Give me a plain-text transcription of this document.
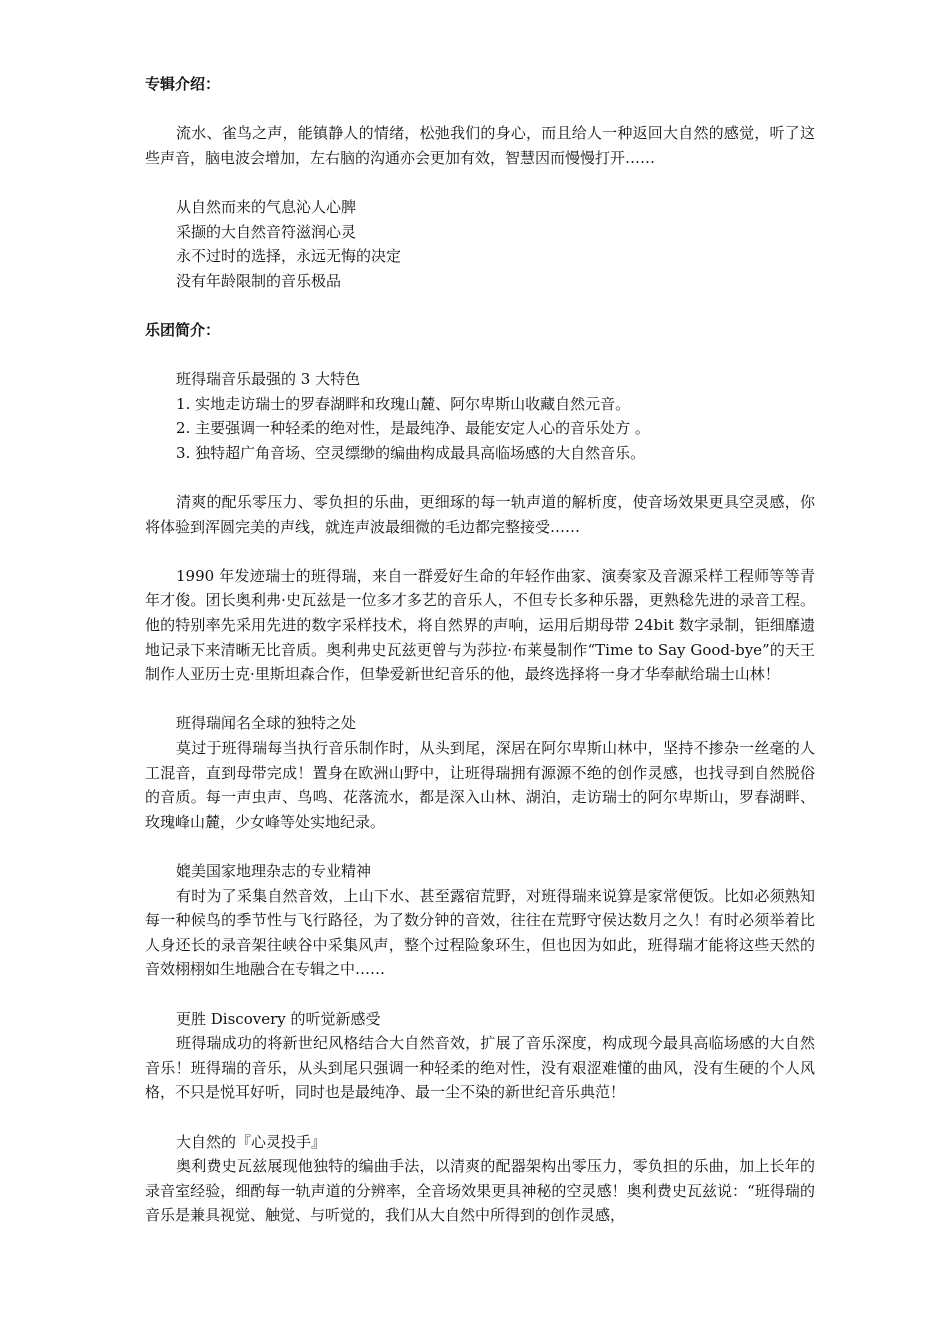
专辑介绍：
流水、雀鸟之声，能镇静人的情绪，松弛我们的身心，而且给人一种返回大自然的感觉，听了这些声音，脑电波会增加，左右脑的沟通亦会更加有效，智慧因而慢慢打开……
从自然而来的气息沁人心脾
采撷的大自然音符滋润心灵
永不过时的选择，永远无悔的决定
没有年龄限制的音乐极品
乐团简介：
班得瑞音乐最强的 3 大特色
1. 实地走访瑞士的罗春湖畔和玫瑰山麓、阿尔卑斯山收藏自然元音。
2. 主要强调一种轻柔的绝对性，是最纯净、最能安定人心的音乐处方 。
3. 独特超广角音场、空灵缥缈的编曲构成最具高临场感的大自然音乐。
清爽的配乐零压力、零负担的乐曲，更细琢的每一轨声道的解析度，使音场效果更具空灵感，你将体验到浑圆完美的声线，就连声波最细微的毛边都完整接受……
1990 年发迹瑞士的班得瑞，来自一群爱好生命的年轻作曲家、演奏家及音源采样工程师等等青年才俊。团长奥利弗·史瓦兹是一位多才多艺的音乐人，不但专长多种乐器，更熟稔先进的录音工程。他的特别率先采用先进的数字采样技术，将自然界的声响，运用后期母带 24bit 数字录制，钜细靡遗地记录下来清晰无比音质。奥利弗史瓦兹更曾与为莎拉·布莱曼制作“Time to Say Good-bye”的天王制作人亚历士克·里斯坦森合作，但挚爱新世纪音乐的他，最终选择将一身才华奉献给瑞士山林！
班得瑞闻名全球的独特之处
莫过于班得瑞每当执行音乐制作时，从头到尾，深居在阿尔卑斯山林中，坚持不掺杂一丝毫的人工混音，直到母带完成！置身在欧洲山野中，让班得瑞拥有源源不绝的创作灵感，也找寻到自然脱俗的音质。每一声虫声、鸟鸣、花落流水，都是深入山林、湖泊，走访瑞士的阿尔卑斯山，罗春湖畔、玫瑰峰山麓，少女峰等处实地纪录。
媲美国家地理杂志的专业精神
有时为了采集自然音效，上山下水、甚至露宿荒野，对班得瑞来说算是家常便饭。比如必须熟知每一种候鸟的季节性与飞行路径，为了数分钟的音效，往往在荒野守侯达数月之久！有时必须举着比人身还长的录音架往峡谷中采集风声，整个过程险象环生，但也因为如此，班得瑞才能将这些天然的音效栩栩如生地融合在专辑之中……
更胜 Discovery 的听觉新感受
班得瑞成功的将新世纪风格结合大自然音效，扩展了音乐深度，构成现今最具高临场感的大自然音乐！班得瑞的音乐，从头到尾只强调一种轻柔的绝对性，没有艰涩难懂的曲风，没有生硬的个人风格，不只是悦耳好听，同时也是最纯净、最一尘不染的新世纪音乐典范！
大自然的『心灵投手』
奥利费史瓦兹展现他独特的编曲手法，以清爽的配器架构出零压力，零负担的乐曲，加上长年的录音室经验，细酌每一轨声道的分辨率，全音场效果更具神秘的空灵感！奥利费史瓦兹说：“班得瑞的音乐是兼具视觉、触觉、与听觉的，我们从大自然中所得到的创作灵感，
